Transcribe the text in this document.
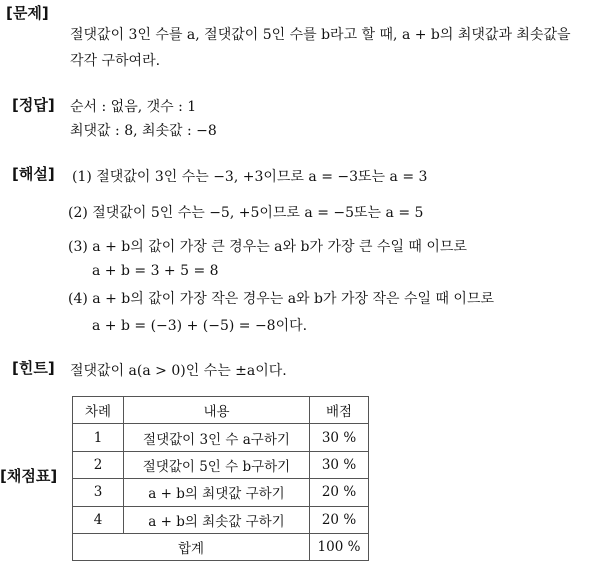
[문제]
절댓값이 3인 수를 a, 절댓값이 5인 수를 b라고 할 때, a + b의 최댓값과 최솟값을
각각 구하여라.
[정답] 순서 : 없음, 갯수 : 1
최댓값 : 8, 최솟값 : −8
[해설] (1) 절댓값이 3인 수는 −3, +3이므로 a = −3또는 a = 3
(2) 절댓값이 5인 수는 −5, +5이므로 a = −5또는 a = 5
(3) a + b의 값이 가장 큰 경우는 a와 b가 가장 큰 수일 때 이므로
a + b = 3 + 5 = 8
(4) a + b의 값이 가장 작은 경우는 a와 b가 가장 작은 수일 때 이므로
a + b = (−3) + (−5) = −8이다.
[힌트] 절댓값이 a(a > 0)인 수는 ±a이다.
[채점표]
차례	내용	배점
1	절댓값이 3인 수 a구하기	30 %
2	절댓값이 5인 수 b구하기	30 %
3	a + b의 최댓값 구하기	20 %
4	a + b의 최솟값 구하기	20 %
합계		100 %
